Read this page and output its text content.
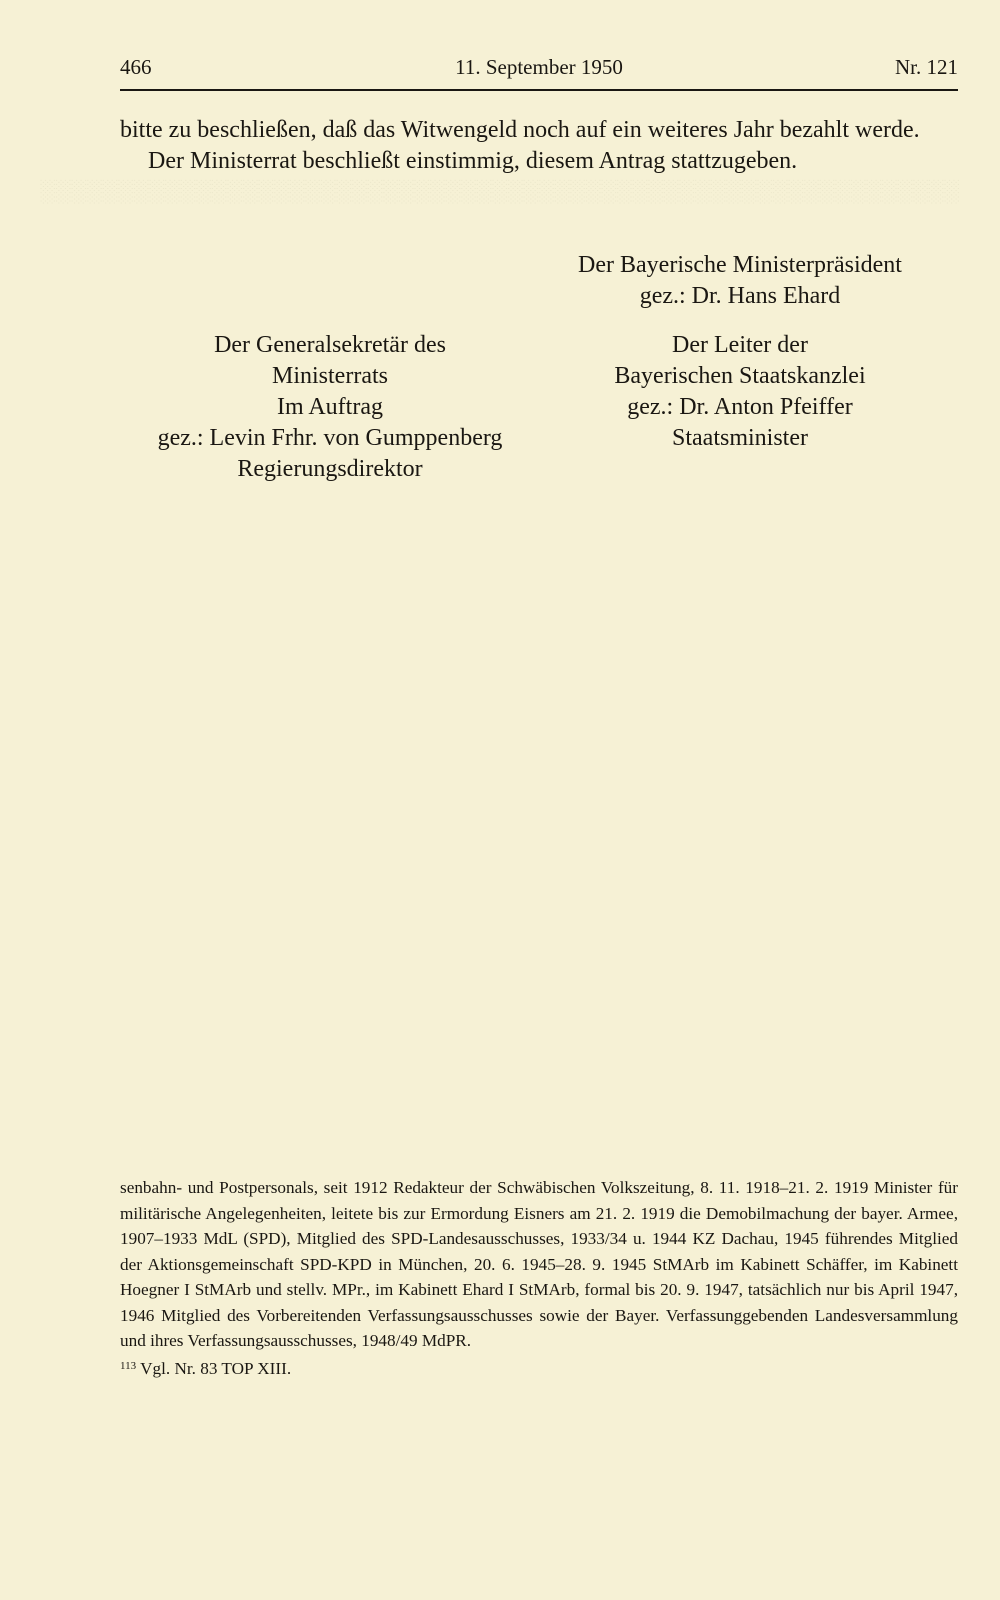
░░░░░░░░░░░░░░░░░░░░░░░░░░░░░░░░░░░░░░░░░░░░░░░░░░░░░░░░░░░

466	11. September 1950	Nr. 121

bitte zu beschließen, daß das Witwengeld noch auf ein weiteres Jahr bezahlt werde.

Der Ministerrat beschließt einstimmig, diesem Antrag stattzugeben.

Der Bayerische Ministerpräsident
gez.: Dr. Hans Ehard
Der Generalsekretär des
Ministerrats
Im Auftrag
gez.: Levin Frhr. von Gumppenberg
Regierungsdirektor
Der Leiter der
Bayerischen Staatskanzlei
gez.: Dr. Anton Pfeiffer
Staatsminister

senbahn- und Postpersonals, seit 1912 Redakteur der Schwäbischen Volkszeitung, 8. 11. 1918–21. 2. 1919 Minister für militärische Angelegenheiten, leitete bis zur Ermordung Eisners am 21. 2. 1919 die Demobilmachung der bayer. Armee, 1907–1933 MdL (SPD), Mitglied des SPD-Landesausschusses, 1933/34 u. 1944 KZ Dachau, 1945 führendes Mitglied der Aktionsgemeinschaft SPD-KPD in München, 20. 6. 1945–28. 9. 1945 StMArb im Kabinett Schäffer, im Kabinett Hoegner I StMArb und stellv. MPr., im Kabinett Ehard I StMArb, formal bis 20. 9. 1947, tatsächlich nur bis April 1947, 1946 Mitglied des Vorbereitenden Verfassungsausschusses sowie der Bayer. Verfassunggebenden Landesversammlung und ihres Verfassungsausschusses, 1948/49 MdPR.

$^{113}$ Vgl. Nr. 83 TOP XIII.
